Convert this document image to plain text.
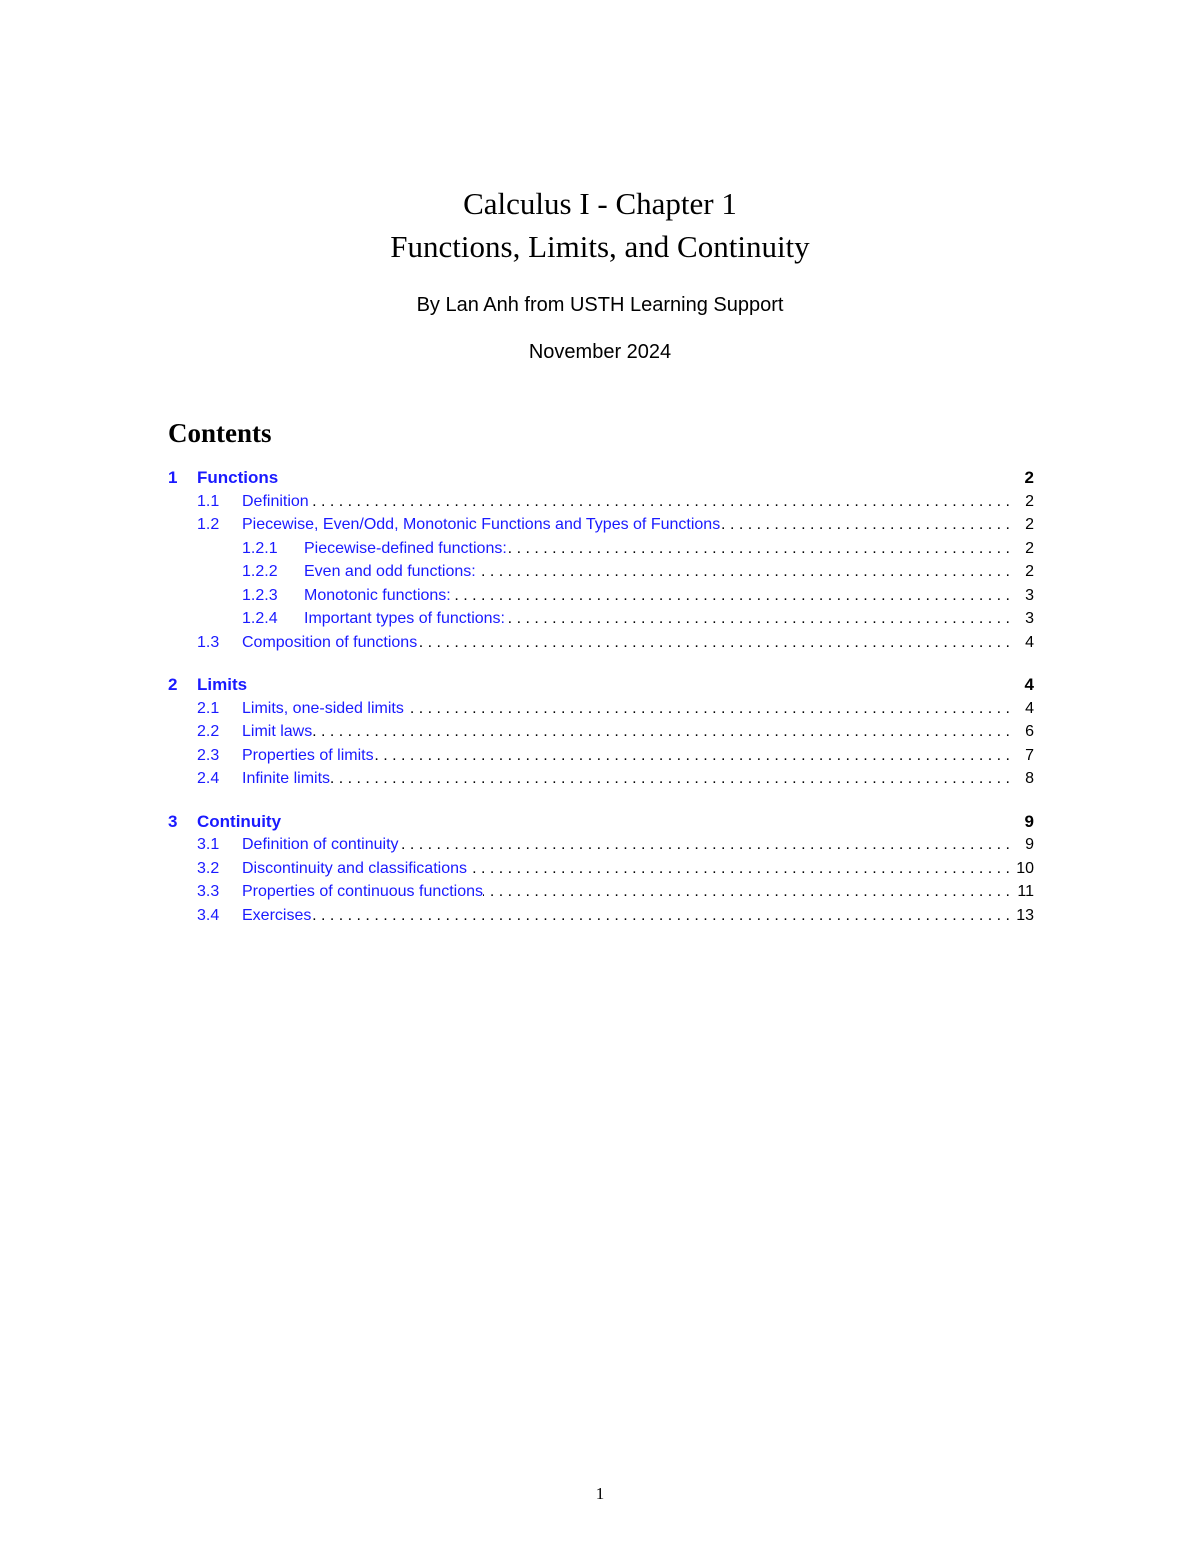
Calculus I - Chapter 1
Functions, Limits, and Continuity
By Lan Anh from USTH Learning Support
November 2024
Contents
1	Functions	2
1.1	Definition . . .	2
1.2	Piecewise, Even/Odd, Monotonic Functions and Types of Functions . . .	2
1.2.1	Piecewise-defined functions: . . .	2
1.2.2	Even and odd functions: . . .	2
1.2.3	Monotonic functions: . . .	3
1.2.4	Important types of functions: . . .	3
1.3	Composition of functions . . .	4
2	Limits	4
2.1	Limits, one-sided limits . . .	4
2.2	Limit laws . . .	6
2.3	Properties of limits . . .	7
2.4	Infinite limits . . .	8
3	Continuity	9
3.1	Definition of continuity . . .	9
3.2	Discontinuity and classifications . . .	10
3.3	Properties of continuous functions . . .	11
3.4	Exercises . . .	13
1
